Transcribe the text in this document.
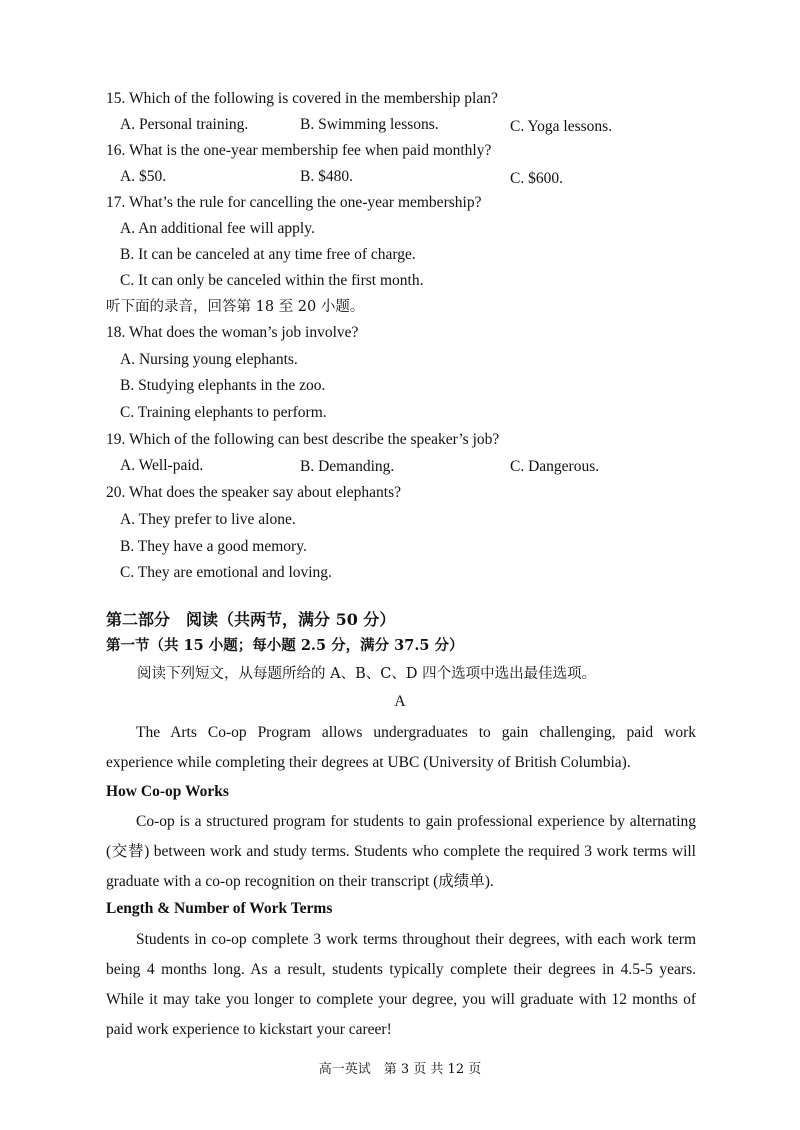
15. Which of the following is covered in the membership plan?
A. Personal training.	B. Swimming lessons.	C. Yoga lessons.
16. What is the one-year membership fee when paid monthly?
A. $50.	B. $480.	C. $600.
17. What’s the rule for cancelling the one-year membership?
A. An additional fee will apply.
B. It can be canceled at any time free of charge.
C. It can only be canceled within the first month.
听下面的录音，回答第 18 至 20 小题。
18. What does the woman’s job involve?
A. Nursing young elephants.
B. Studying elephants in the zoo.
C. Training elephants to perform.
19. Which of the following can best describe the speaker’s job?
A. Well-paid.	B. Demanding.	C. Dangerous.
20. What does the speaker say about elephants?
A. They prefer to live alone.
B. They have a good memory.
C. They are emotional and loving.
第二部分　阅读（共两节，满分 50 分）
第一节（共 15 小题；每小题 2.5 分，满分 37.5 分）
阅读下列短文，从每题所给的 A、B、C、D 四个选项中选出最佳选项。
A
The Arts Co-op Program allows undergraduates to gain challenging, paid work experience while completing their degrees at UBC (University of British Columbia).
How Co-op Works
Co-op is a structured program for students to gain professional experience by alternating (交替) between work and study terms. Students who complete the required 3 work terms will graduate with a co-op recognition on their transcript (成绩单).
Length & Number of Work Terms
Students in co-op complete 3 work terms throughout their degrees, with each work term being 4 months long. As a result, students typically complete their degrees in 4.5-5 years. While it may take you longer to complete your degree, you will graduate with 12 months of paid work experience to kickstart your career!
高一英试　第 3 页 共 12 页
